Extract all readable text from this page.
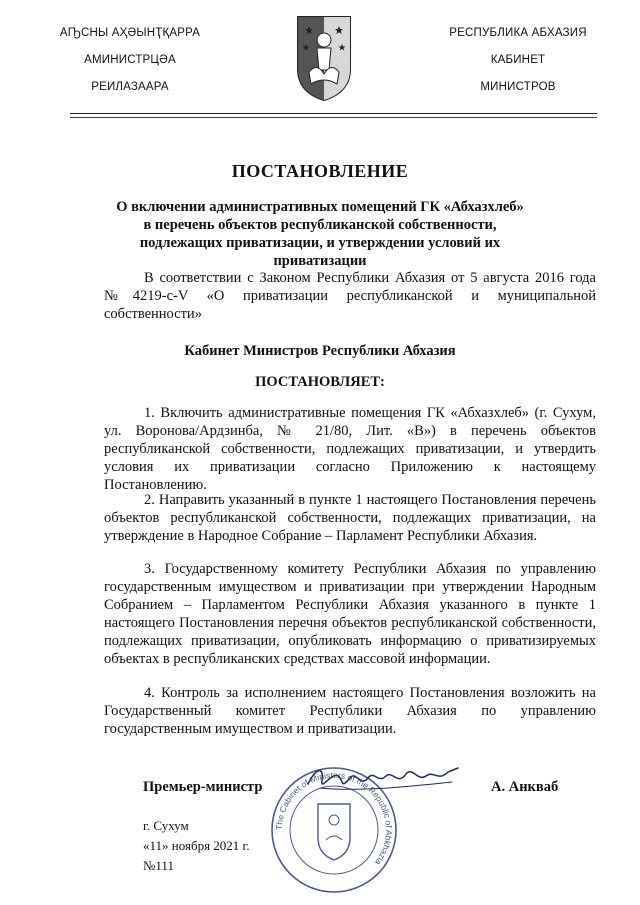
АҦСНЫ АҲӘЫНҬҚАРРА
АМИНИСТРЦӘА
РЕИЛАЗААРА
РЕСПУБЛИКА АБХАЗИЯ
КАБИНЕТ
МИНИСТРОВ
ПОСТАНОВЛЕНИЕ
О включении административных помещений ГК «Абхазхлеб» в перечень объектов республиканской собственности, подлежащих приватизации, и утверждении условий их приватизации
В соответствии с Законом Республики Абхазия от 5 августа 2016 года №4219-с-V «О приватизации республиканской и муниципальной собственности»
Кабинет Министров Республики Абхазия
ПОСТАНОВЛЯЕТ:
1. Включить административные помещения ГК «Абхазхлеб» (г. Сухум, ул. Воронова/Ардзинба, № 21/80, Лит. «В») в перечень объектов республиканской собственности, подлежащих приватизации, и утвердить условия их приватизации согласно Приложению к настоящему Постановлению.
2. Направить указанный в пункте 1 настоящего Постановления перечень объектов республиканской собственности, подлежащих приватизации, на утверждение в Народное Собрание – Парламент Республики Абхазия.
3. Государственному комитету Республики Абхазия по управлению государственным имуществом и приватизации при утверждении Народным Собранием – Парламентом Республики Абхазия указанного в пункте 1 настоящего Постановления перечня объектов республиканской собственности, подлежащих приватизации, опубликовать информацию о приватизируемых объектах в республиканских средствах массовой информации.
4. Контроль за исполнением настоящего Постановления возложить на Государственный комитет Республики Абхазия по управлению государственным имуществом и приватизации.
The Cabinet of Ministers of the Republic of Abkhazia
Премьер-министр	А. Анкваб
г. Сухум
«11» ноября 2021 г.
№111
